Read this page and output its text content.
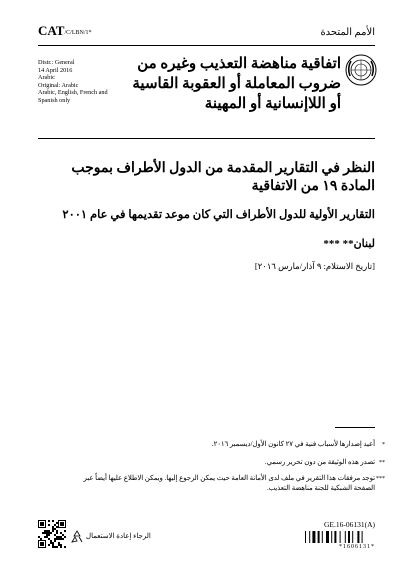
CAT/C/LBN/1*	الأمم المتحدة
Distr.: General
14 April 2016
Arabic
Original: Arabic
Arabic, English, French and
Spanish only
اتفاقية مناهضة التعذيب وغيره من
ضروب المعاملة أو العقوبة القاسية
أو اللاإنسانية أو المهينة
النظر في التقارير المقدمة من الدول الأطراف بموجب
المادة ١٩ من الاتفاقية
التقارير الأولية للدول الأطراف التي كان موعد تقديمها في عام ٢٠٠١
لبنان** ***
[تاريخ الاستلام: ٩ آذار/مارس ٢٠١٦]
*
أعيد إصدارها لأسباب فنية في ٢٧ كانون الأول/ديسمبر ٢٠١٦.
**
تصدر هذه الوثيقة من دون تحرير رسمي.
***
توجد مرفقات هذا التقرير في ملف لدى الأمانة العامة حيث يمكن الرجوع إليها. ويمكن الاطلاع عليها أيضاً عبر الصفحة الشبكية للجنة مناهضة التعذيب.
GE.16-06131(A)
*1606131*
الرجاء إعادة الاستعمال
